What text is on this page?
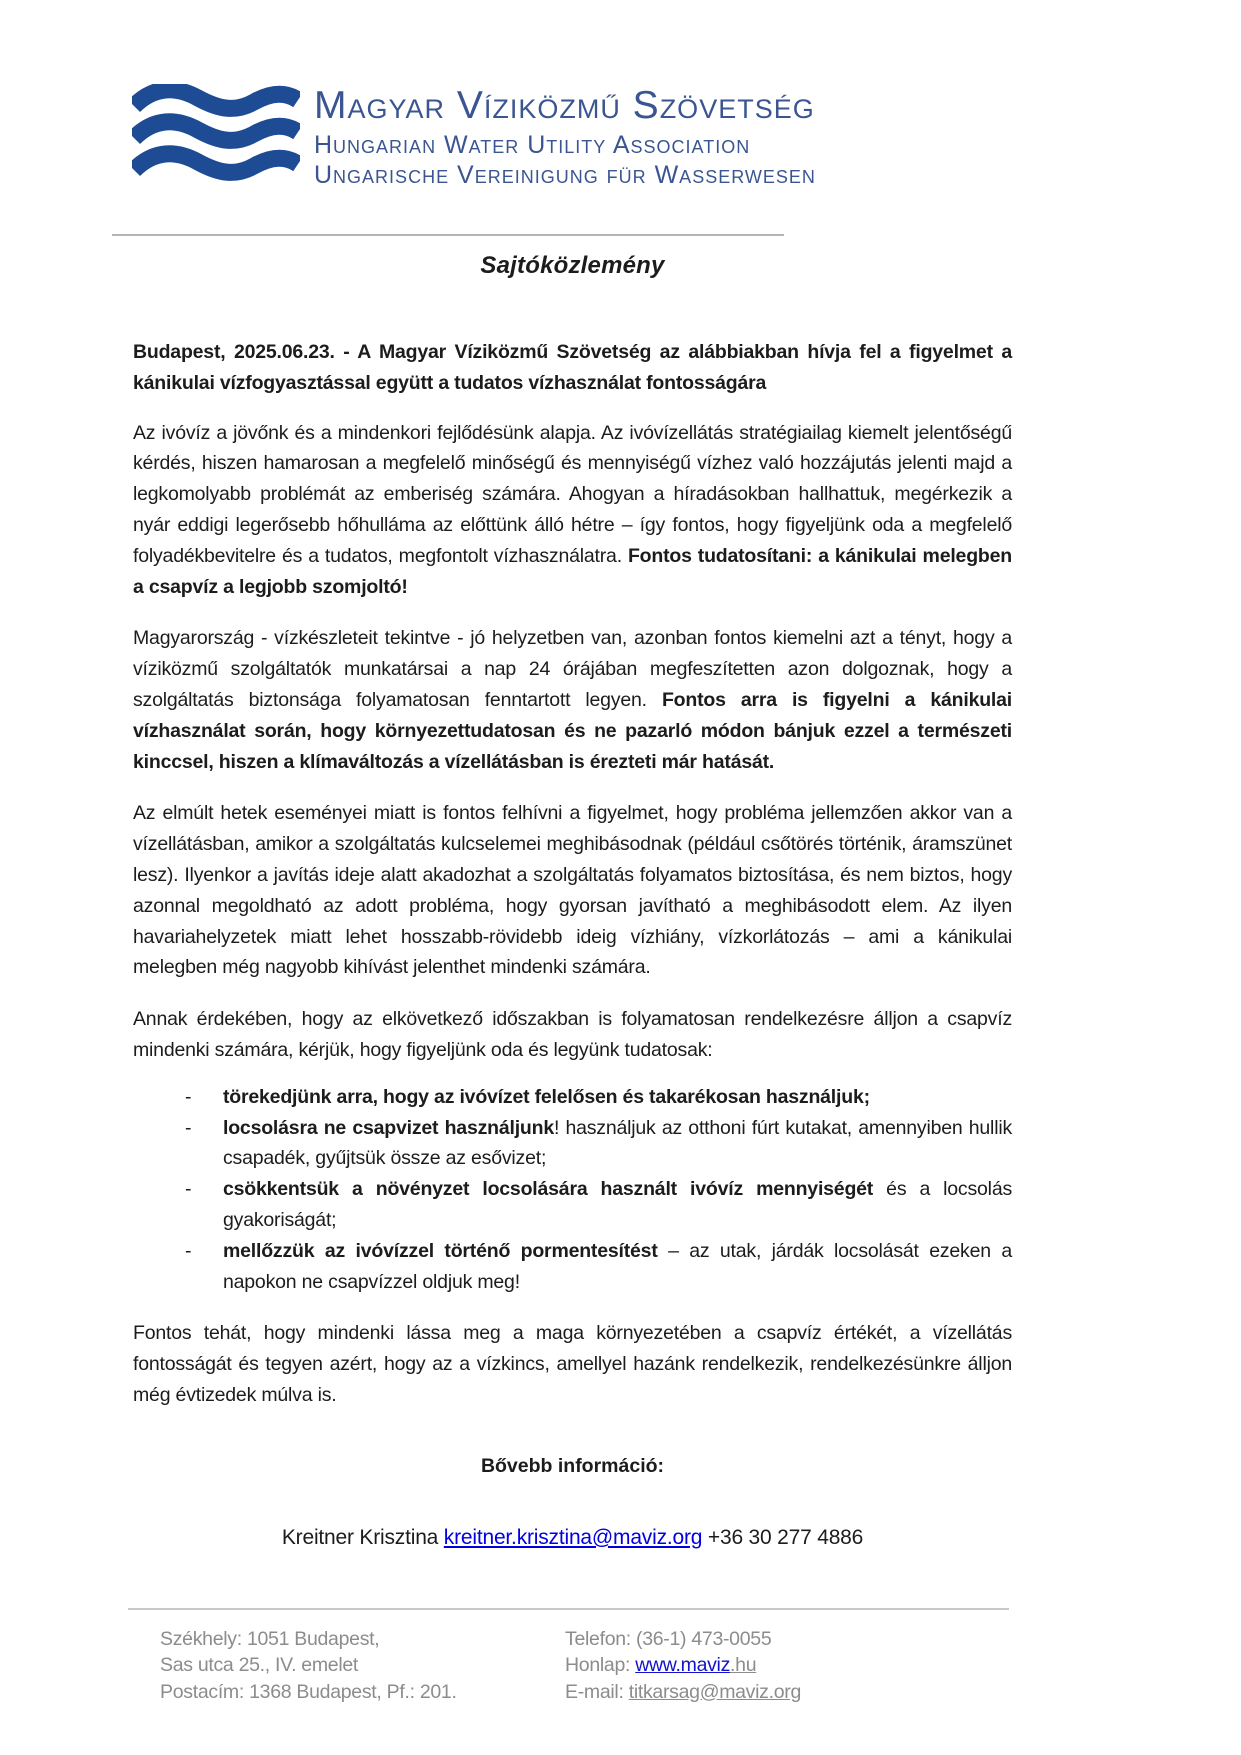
Magyar Víziközmű Szövetség
Hungarian Water Utility Association
Ungarische Vereinigung für Wasserwesen
Sajtóközlemény

Budapest, 2025.06.23. - A Magyar Víziközmű Szövetség az alábbiakban hívja fel a figyelmet a kánikulai vízfogyasztással együtt a tudatos vízhasználat fontosságára

Az ivóvíz a jövőnk és a mindenkori fejlődésünk alapja. Az ivóvízellátás stratégiailag kiemelt jelentőségű kérdés, hiszen hamarosan a megfelelő minőségű és mennyiségű vízhez való hozzájutás jelenti majd a legkomolyabb problémát az emberiség számára. Ahogyan a híradásokban hallhattuk, megérkezik a nyár eddigi legerősebb hőhulláma az előttünk álló hétre – így fontos, hogy figyeljünk oda a megfelelő folyadékbevitelre és a tudatos, megfontolt vízhasználatra. Fontos tudatosítani: a kánikulai melegben a csapvíz a legjobb szomjoltó!

Magyarország - vízkészleteit tekintve - jó helyzetben van, azonban fontos kiemelni azt a tényt, hogy a víziközmű szolgáltatók munkatársai a nap 24 órájában megfeszítetten azon dolgoznak, hogy a szolgáltatás biztonsága folyamatosan fenntartott legyen. Fontos arra is figyelni a kánikulai vízhasználat során, hogy környezettudatosan és ne pazarló módon bánjuk ezzel a természeti kinccsel, hiszen a klímaváltozás a vízellátásban is érezteti már hatását.

Az elmúlt hetek eseményei miatt is fontos felhívni a figyelmet, hogy probléma jellemzően akkor van a vízellátásban, amikor a szolgáltatás kulcselemei meghibásodnak (például csőtörés történik, áramszünet lesz). Ilyenkor a javítás ideje alatt akadozhat a szolgáltatás folyamatos biztosítása, és nem biztos, hogy azonnal megoldható az adott probléma, hogy gyorsan javítható a meghibásodott elem. Az ilyen havariahelyzetek miatt lehet hosszabb-rövidebb ideig vízhiány, vízkorlátozás – ami a kánikulai melegben még nagyobb kihívást jelenthet mindenki számára.

Annak érdekében, hogy az elkövetkező időszakban is folyamatosan rendelkezésre álljon a csapvíz mindenki számára, kérjük, hogy figyeljünk oda és legyünk tudatosak:

-	törekedjünk arra, hogy az ivóvízet felelősen és takarékosan használjuk;
-	locsolásra ne csapvizet használjunk! használjuk az otthoni fúrt kutakat, amennyiben hullik csapadék, gyűjtsük össze az esővizet;
-	csökkentsük a növényzet locsolására használt ivóvíz mennyiségét és a locsolás gyakoriságát;
-	mellőzzük az ivóvízzel történő pormentesítést – az utak, járdák locsolását ezeken a napokon ne csapvízzel oldjuk meg!

Fontos tehát, hogy mindenki lássa meg a maga környezetében a csapvíz értékét, a vízellátás fontosságát és tegyen azért, hogy az a vízkincs, amellyel hazánk rendelkezik, rendelkezésünkre álljon még évtizedek múlva is.

Bővebb információ:
Kreitner Krisztina kreitner.krisztina@maviz.org +36 30 277 4886
Székhely: 1051 Budapest,
Sas utca 25., IV. emelet
Postacím: 1368 Budapest, Pf.: 201.
Telefon: (36-1) 473-0055
Honlap: www.maviz.hu
E-mail: titkarsag@maviz.org
